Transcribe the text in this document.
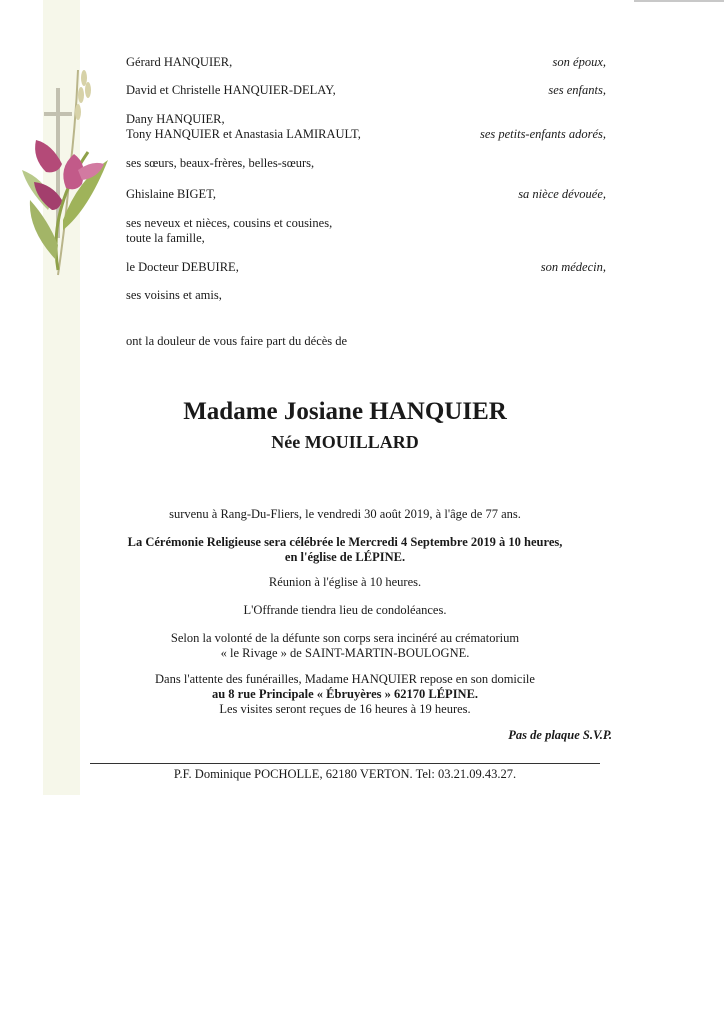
Gérard HANQUIER,	son époux,
David et Christelle HANQUIER-DELAY,	ses enfants,
Dany HANQUIER,
Tony HANQUIER et Anastasia LAMIRAULT,	ses petits-enfants adorés,
ses sœurs, beaux-frères, belles-sœurs,
Ghislaine BIGET,	sa nièce dévouée,
ses neveux et nièces, cousins et cousines,
toute la famille,
le Docteur DEBUIRE,	son médecin,
ses voisins et amis,
ont la douleur de vous faire part du décès de
Madame Josiane HANQUIER
Née MOUILLARD
survenu à Rang-Du-Fliers, le vendredi 30 août 2019, à l'âge de 77 ans.
La Cérémonie Religieuse sera célébrée le Mercredi 4 Septembre 2019 à 10 heures,
en l'église de LÉPINE.
Réunion à l'église à 10 heures.
L'Offrande tiendra lieu de condoléances.
Selon la volonté de la défunte son corps sera incinéré au crématorium
« le Rivage » de SAINT-MARTIN-BOULOGNE.
Dans l'attente des funérailles, Madame HANQUIER repose en son domicile
au 8 rue Principale « Ébruyères » 62170 LÉPINE.
Les visites seront reçues de 16 heures à 19 heures.
Pas de plaque S.V.P.
P.F. Dominique POCHOLLE, 62180 VERTON. Tel: 03.21.09.43.27.
